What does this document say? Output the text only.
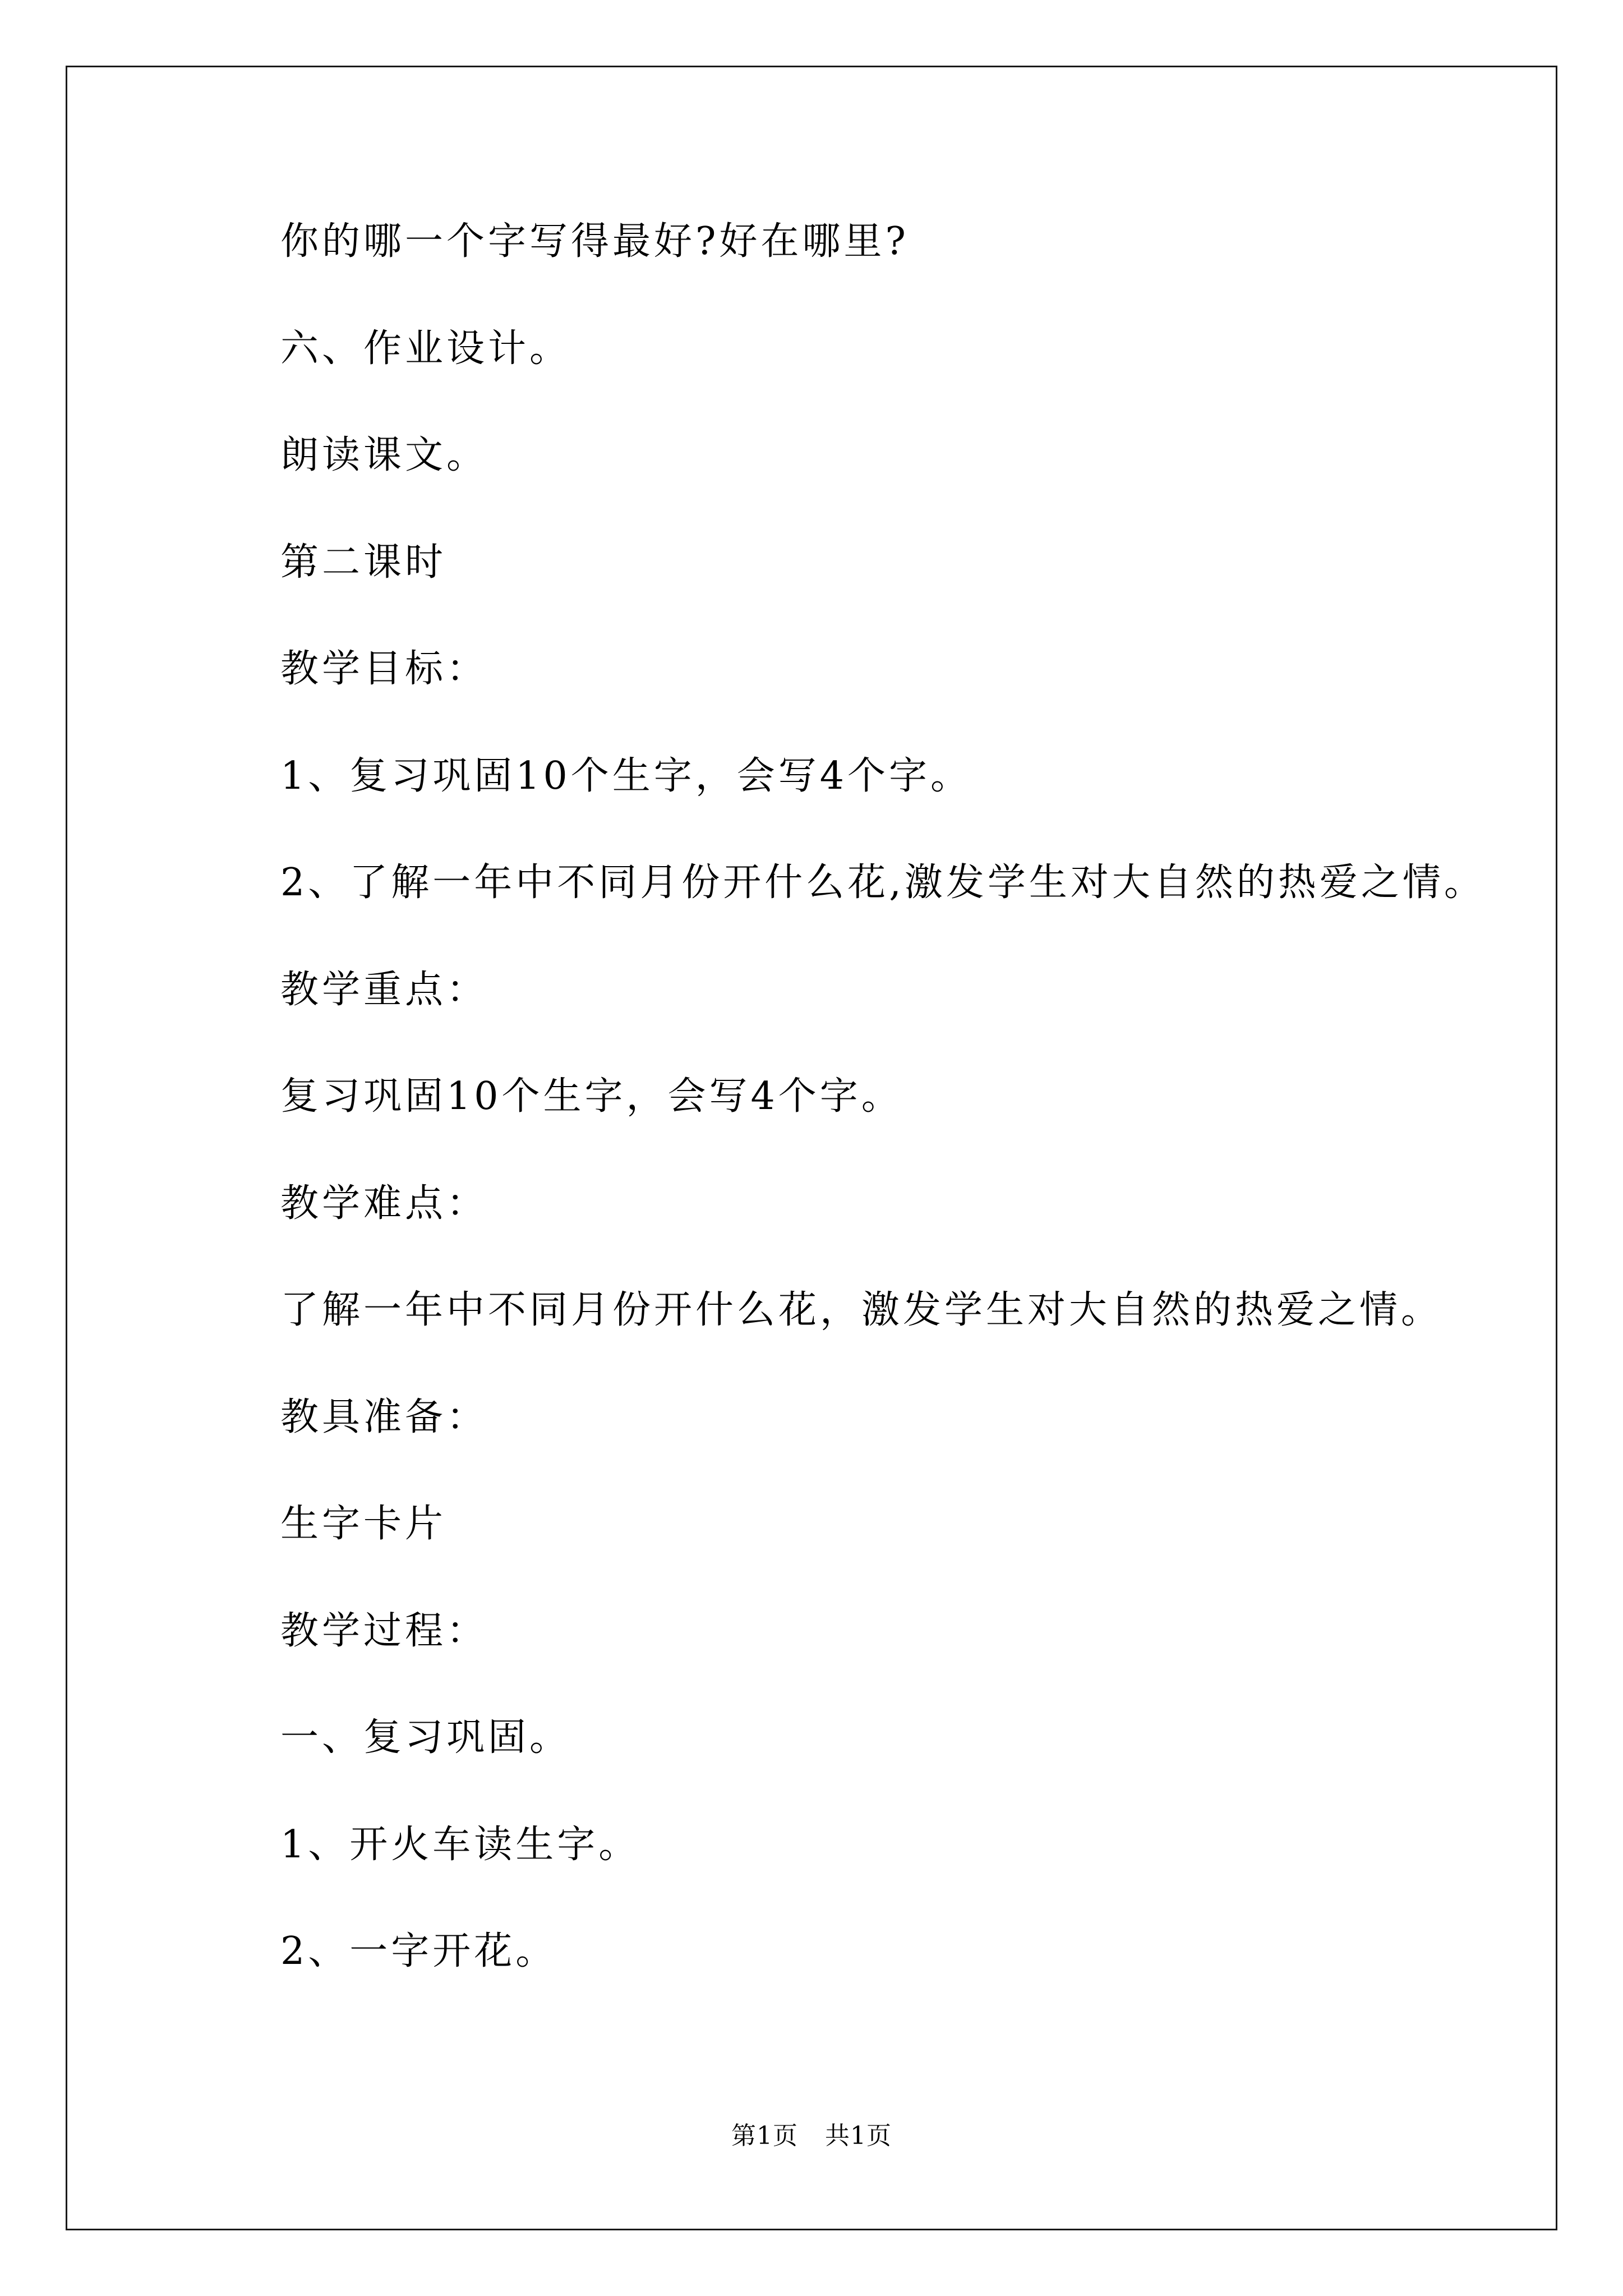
你的哪一个字写得最好?好在哪里?

六、作业设计。

朗读课文。

第二课时

教学目标：

1、复习巩固10个生字，会写4个字。

2、了解一年中不同月份开什么花,激发学生对大自然的热爱之情。

教学重点：

复习巩固10个生字，会写4个字。

教学难点：

了解一年中不同月份开什么花，激发学生对大自然的热爱之情。

教具准备：

生字卡片

教学过程：

一、复习巩固。

1、开火车读生字。

2、一字开花。

第1页 共1页
